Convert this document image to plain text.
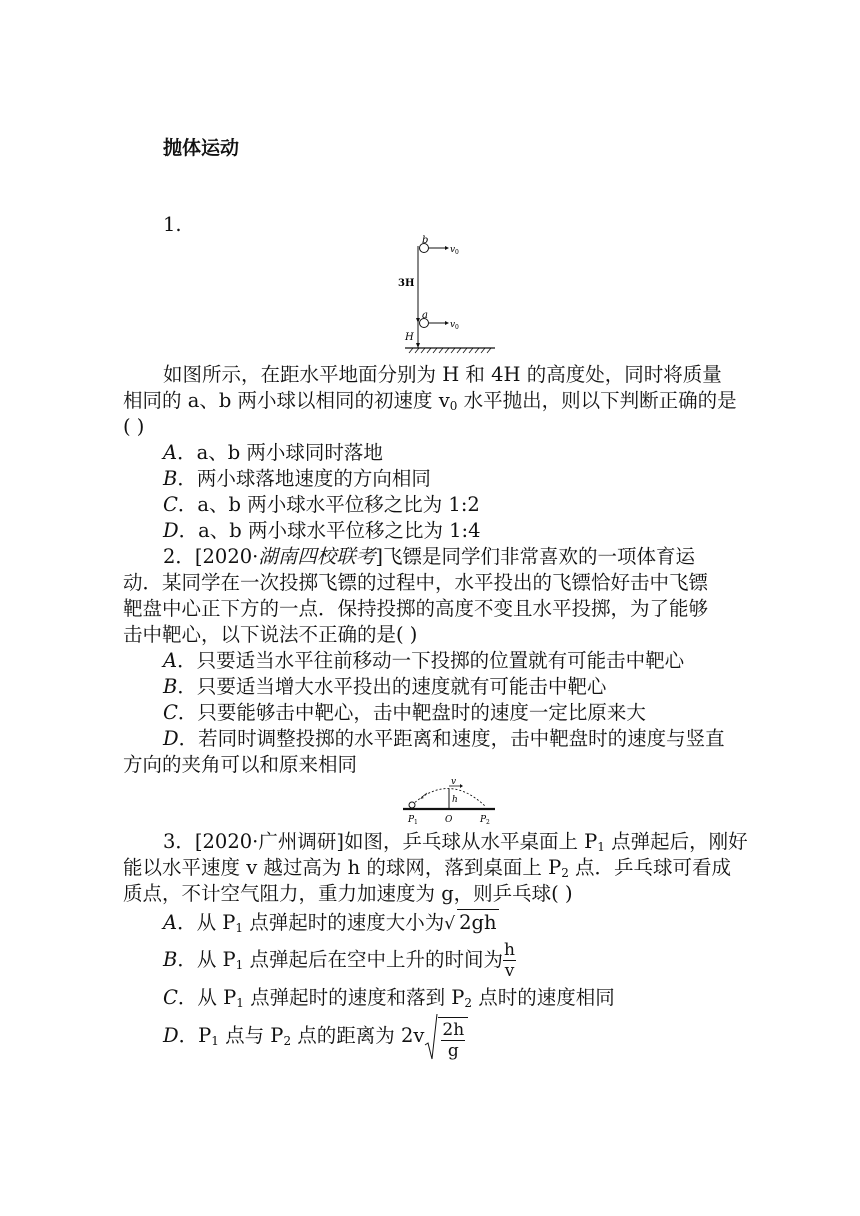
抛体运动
1.
b
a
v 0
v 0
3H
H
如图所示，在距水平地面分别为 H 和 4H 的高度处，同时将质量
相同的 a、b 两小球以相同的初速度 $v_0$ 水平抛出，则以下判断正确的是
( )
A．a、b 两小球同时落地
B．两小球落地速度的方向相同
C．a、b 两小球水平位移之比为 1:2
D．a、b 两小球水平位移之比为 1:4
2．[2020·湖南四校联考]飞镖是同学们非常喜欢的一项体育运
动．某同学在一次投掷飞镖的过程中，水平投出的飞镖恰好击中飞镖
靶盘中心正下方的一点．保持投掷的高度不变且水平投掷，为了能够
击中靶心，以下说法不正确的是( )
A．只要适当水平往前移动一下投掷的位置就有可能击中靶心
B．只要适当增大水平投出的速度就有可能击中靶心
C．只要能够击中靶心，击中靶盘时的速度一定比原来大
D．若同时调整投掷的水平距离和速度，击中靶盘时的速度与竖直
方向的夹角可以和原来相同
v
h
P 1	O	P 2
3．[2020·广州调研]如图，乒乓球从水平桌面上 $P_1$ 点弹起后，刚好
能以水平速度 v 越过高为 h 的球网，落到桌面上 $P_2$ 点．乒乓球可看成
质点，不计空气阻力，重力加速度为 g，则乒乓球( )
A．从 $P_1$ 点弹起时的速度大小为√ 2gh
B．从 $P_1$ 点弹起后在空中上升的时间为 $\frac{h}{v}$
C．从 $P_1$ 点弹起时的速度和落到 $P_2$ 点时的速度相同
D．$P_1$ 点与 $P_2$ 点的距离为 $2v \frac{2h}{g}$
